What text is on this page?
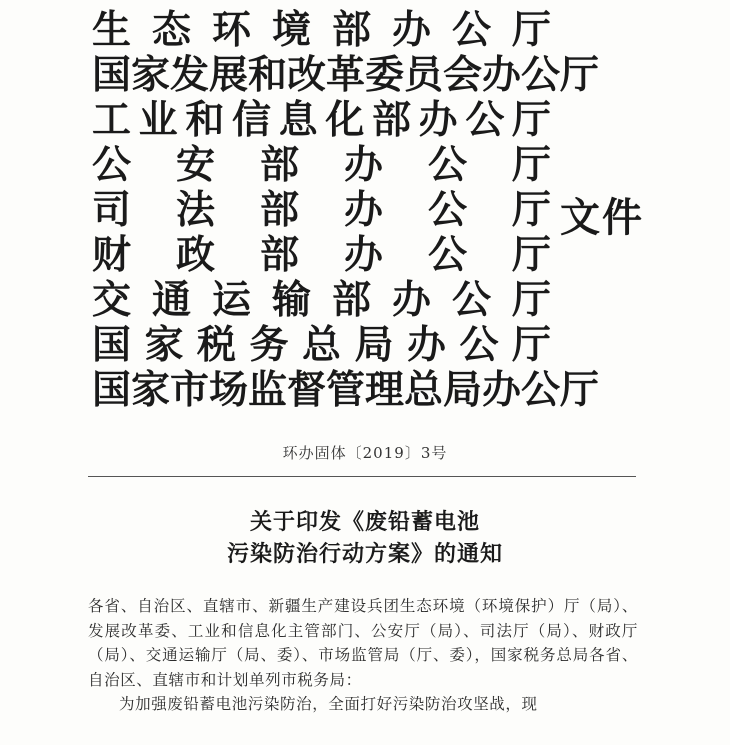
生态环境部办公厅
国家发展和改革委员会办公厅
工业和信息化部办公厅
公安部办公厅
司法部办公厅
财政部办公厅
交通运输部办公厅
国家税务总局办公厅
国家市场监督管理总局办公厅
文件
环办固体〔2019〕3号
关于印发《废铅蓄电池
污染防治行动方案》的通知

各省、自治区、直辖市、新疆生产建设兵团生态环境（环境保护）厅（局）、发展改革委、工业和信息化主管部门、公安厅（局）、司法厅（局）、财政厅（局）、交通运输厅（局、委）、市场监管局（厅、委），国家税务总局各省、自治区、直辖市和计划单列市税务局：

为加强废铅蓄电池污染防治，全面打好污染防治攻坚战，现
